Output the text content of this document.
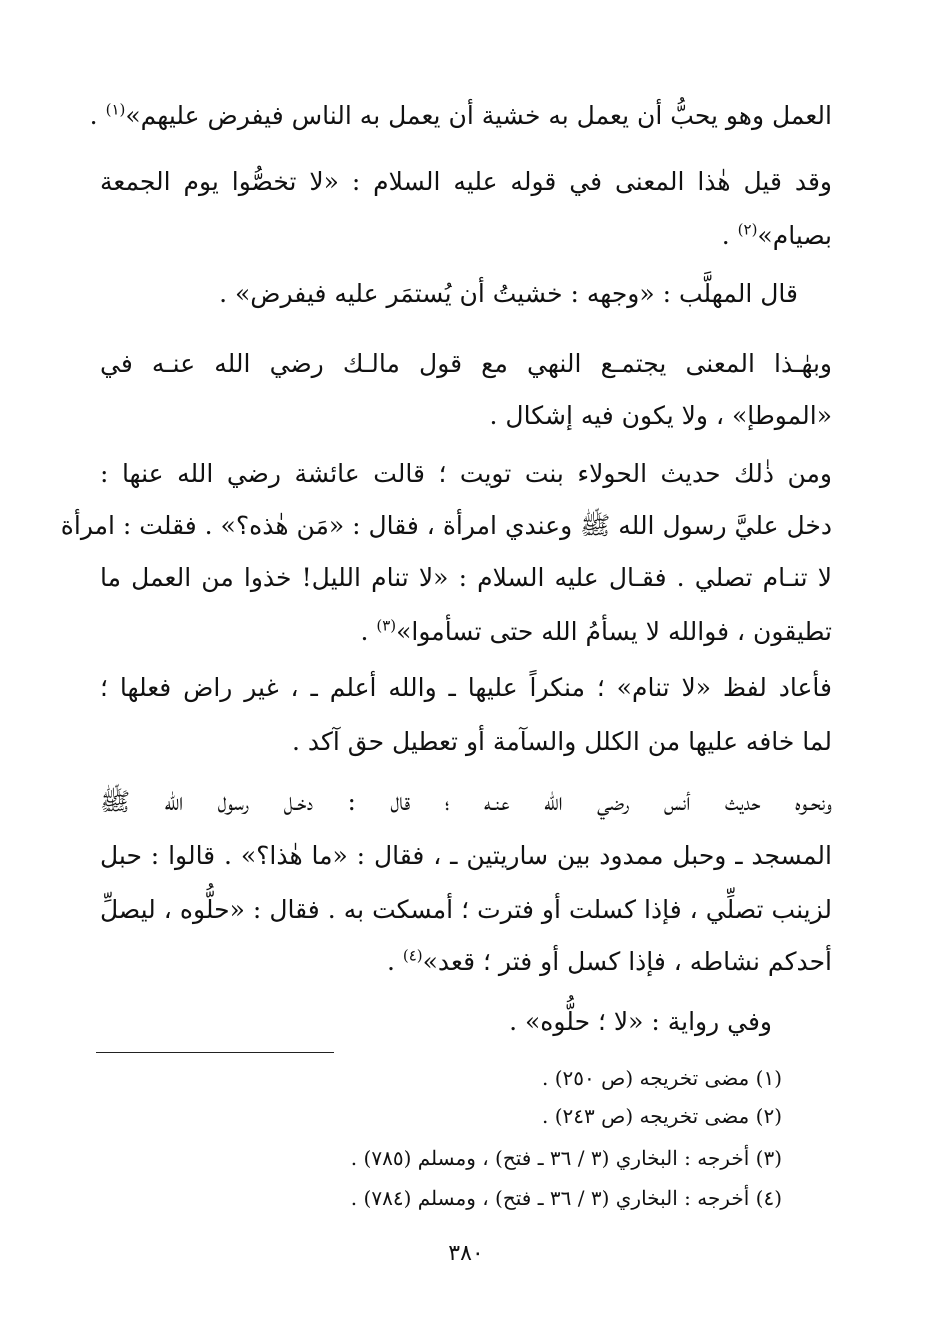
العمل وهو يحبُّ أن يعمل به خشية أن يعمل به الناس فيفرض عليهم»$^{(١)}$ .
وقد قيل هٰذا المعنى في قوله عليه السلام : «لا تخصُّوا يوم الجمعة
بصيام»$^{(٢)}$ .
قال المهلَّب : «وجهه : خشيتُ أن يُستمَر عليه فيفرض» .
وبهٰـذا المعنى يجتمـع النهي مع قول مالـك رضي الله عنـه في
«الموطإ» ، ولا يكون فيه إشكال .
ومن ذٰلك حديث الحولاء بنت تويت ؛ قالت عائشة رضي الله عنها :
دخل عليَّ رسول الله ﷺ وعندي امرأة ، فقال : «مَن هٰذه؟» . فقلت : امرأة
لا تنـام تصلي . فقـال عليه السلام : «لا تنام الليل! خذوا من العمل ما
تطيقون ، فوالله لا يسأمُ الله حتى تسأموا»$^{(٣)}$ .
فأعاد لفظ «لا تنام» ؛ منكراً عليها ـ والله أعلم ـ ، غير راض فعلها ؛
لما خافه عليها من الكلل والسآمة أو تعطيل حق آكد .
ونحـوه حديث أنس رضي الله عنـه ؛ قال : دخـل رسول الله ﷺ
المسجد ـ وحبل ممدود بين ساريتين ـ ، فقال : «ما هٰذا؟» . قالوا : حبل
لزينب تصلِّي ، فإذا كسلت أو فترت ؛ أمسكت به . فقال : «حلُّوه ، ليصلِّ
أحدكم نشاطه ، فإذا كسل أو فتر ؛ قعد»$^{(٤)}$ .
وفي رواية : «لا ؛ حلُّوه» .
(١) مضى تخريجه (ص ٢٥٠) .
(٢) مضى تخريجه (ص ٢٤٣) .
(٣) أخرجه : البخاري (٣ / ٣٦ ـ فتح) ، ومسلم (٧٨٥) .
(٤) أخرجه : البخاري (٣ / ٣٦ ـ فتح) ، ومسلم (٧٨٤) .
٣٨٠
